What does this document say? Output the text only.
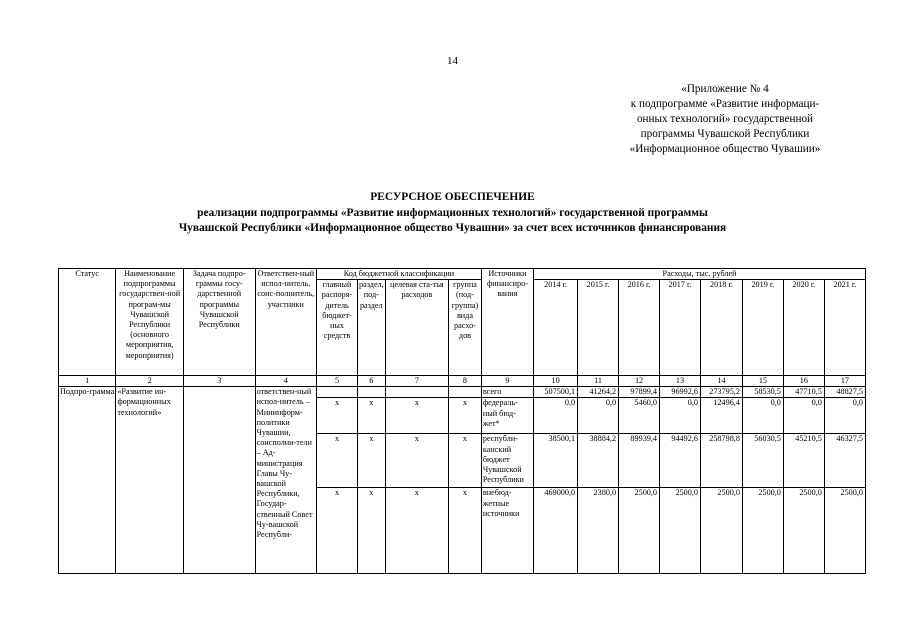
14
«Приложение № 4
к подпрограмме «Развитие информаци-
онных технологий» государственной
программы Чувашской Республики
«Информационное общество Чувашии»
РЕСУРСНОЕ ОБЕСПЕЧЕНИЕ
реализации подпрограммы «Развитие информационных технологий» государственной программы
Чувашской Республики «Информационное общество Чувашии» за счет всех источников финансирования
Статус	Наименование подпрограммы государствен-ной програм-мы Чувашской Республики (основного мероприятия, мероприятия)	Задача подпро-граммы госу-дарственной программы Чувашской Республики	Ответствен-ный испол-нитель, соис-полнитель, участники	Код бюджетной классификации				Источники финансиро-вания	Расходы, тыс. рублей							
				главный распоря-дитель бюджет-ных средств	раздел, под-раздел	целевая ста-тья расходов	группа (под-группа) вида расхо-дов		2014 г.	2015 г.	2016 г.	2017 г.	2018 г.	2019 г.	2020 г.	2021 г.
1	2	3	4	5	6	7	8	9	10	11	12	13	14	15	16	17
Подпро-грамма	«Развитие ин-формационных технологий»		ответствен-ный испол-нитель – Мининформ-политики Чувашии, соисполни-тели – Ад-министрация Главы Чу-вашской Республики, Государ-ственный Совет Чу-вашской Республи-					всего	507500,1	41264,2	97899,4	96992,6	273795,2	58530,5	47710,5	48827,5
				х	х	х	х	федераль-ный бюд-жет*	0,0	0,0	5460,0	0,0	12496,4	0,0	0,0	0,0
				х	х	х	х	республи-канский бюджет Чувашской Республики	38500,1	38884,2	89939,4	94492,6	258798,8	56030,5	45210,5	46327,5
				х	х	х	х	внебюд-жетные источники	469000,0	2380,0	2500,0	2500,0	2500,0	2500,0	2500,0	2500,0
